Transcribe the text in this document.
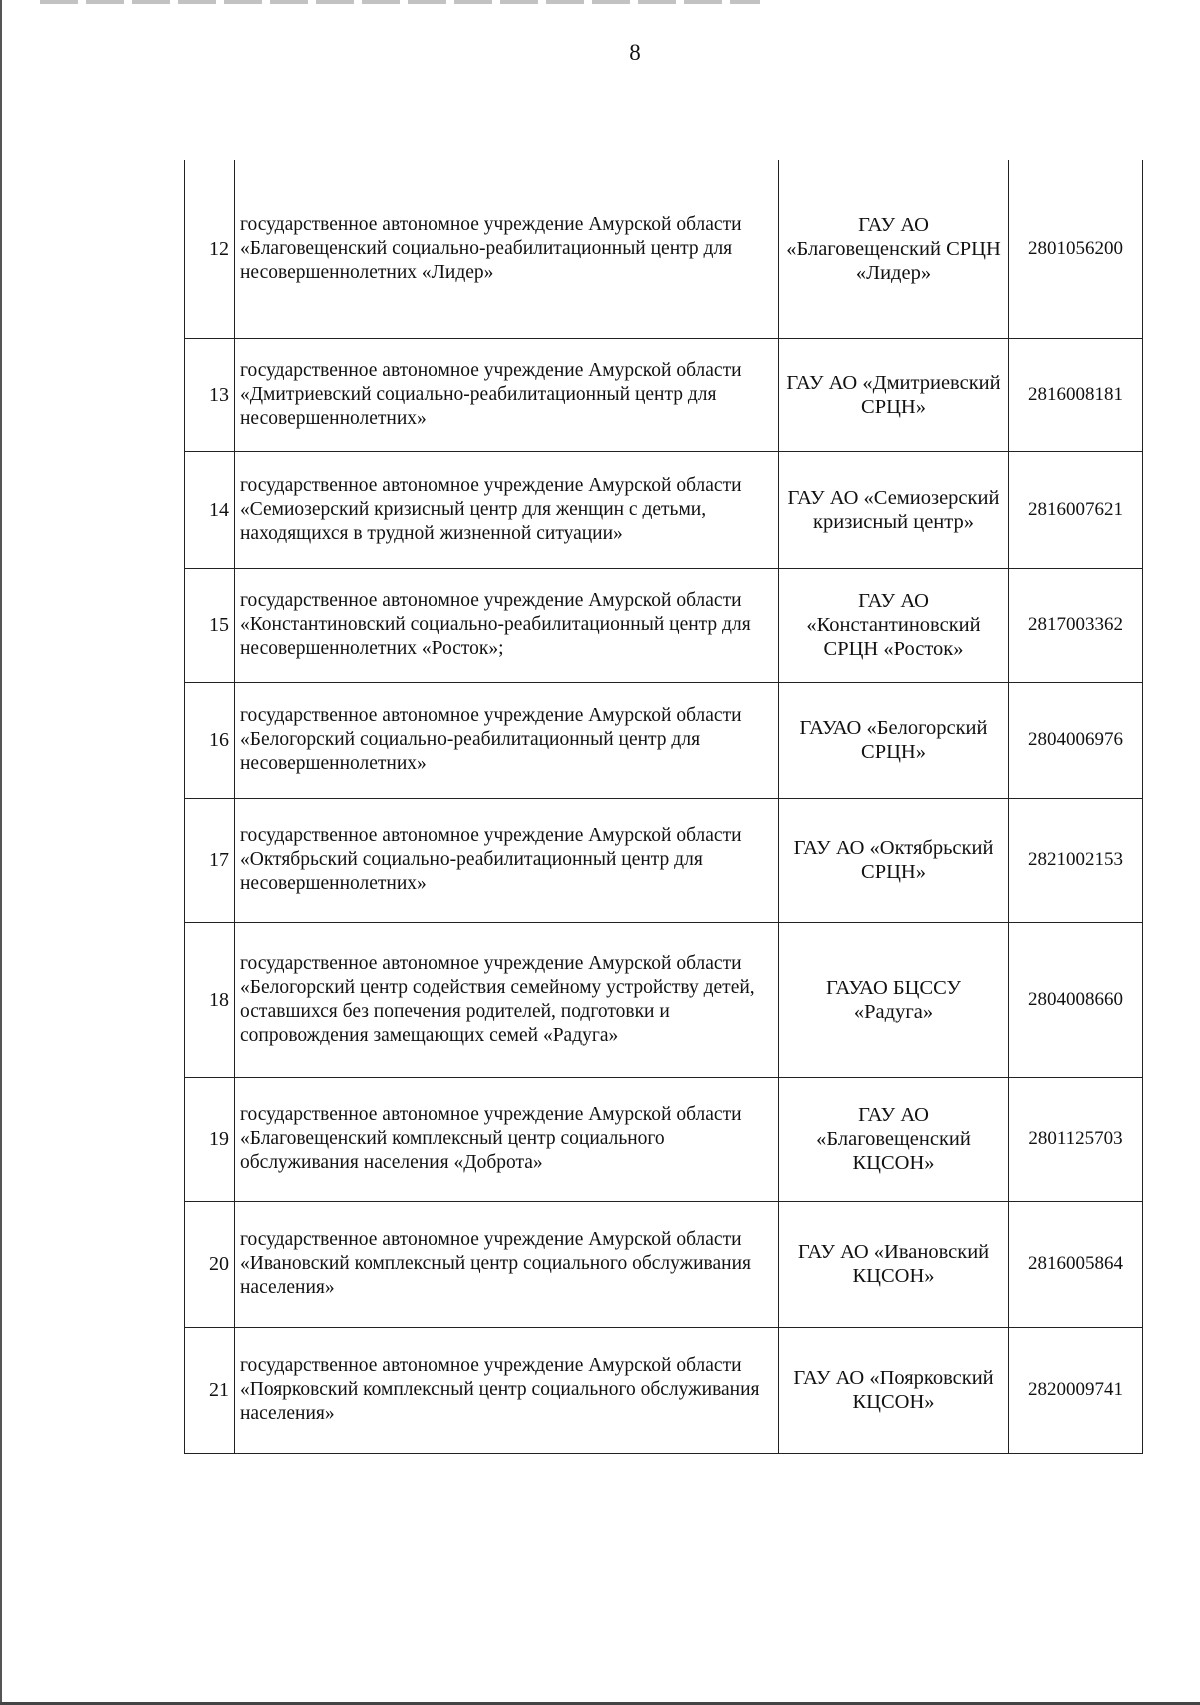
8
12	государственное автономное учреждение Амурской области «Благовещенский социально-реабилитационный центр для несовершеннолетних «Лидер»	ГАУ АО «Благовещенский СРЦН «Лидер»	2801056200
13	государственное автономное учреждение Амурской области «Дмитриевский социально-реабилитационный центр для несовершеннолетних»	ГАУ АО «Дмитриевский СРЦН»	2816008181
14	государственное автономное учреждение Амурской области «Семиозерский кризисный центр для женщин с детьми, находящихся в трудной жизненной ситуации»	ГАУ АО «Семиозерский кризисный центр»	2816007621
15	государственное автономное учреждение Амурской области «Константиновский социально-реабилитационный центр для несовершеннолетних «Росток»;	ГАУ АО «Константиновский СРЦН «Росток»	2817003362
16	государственное автономное учреждение Амурской области «Белогорский социально-реабилитационный центр для несовершеннолетних»	ГАУАО «Белогорский СРЦН»	2804006976
17	государственное автономное учреждение Амурской области «Октябрьский социально-реабилитационный центр для несовершеннолетних»	ГАУ АО «Октябрьский СРЦН»	2821002153
18	государственное автономное учреждение Амурской области «Белогорский центр содействия семейному устройству детей, оставшихся без попечения родителей, подготовки и сопровождения замещающих семей «Радуга»	ГАУАО БЦССУ «Радуга»	2804008660
19	государственное автономное учреждение Амурской области «Благовещенский комплексный центр социального обслуживания населения «Доброта»	ГАУ АО «Благовещенский КЦСОН»	2801125703
20	государственное автономное учреждение Амурской области «Ивановский комплексный центр социального обслуживания населения»	ГАУ АО «Ивановский КЦСОН»	2816005864
21	государственное автономное учреждение Амурской области «Поярковский комплексный центр социального обслуживания населения»	ГАУ АО «Поярковский КЦСОН»	2820009741
